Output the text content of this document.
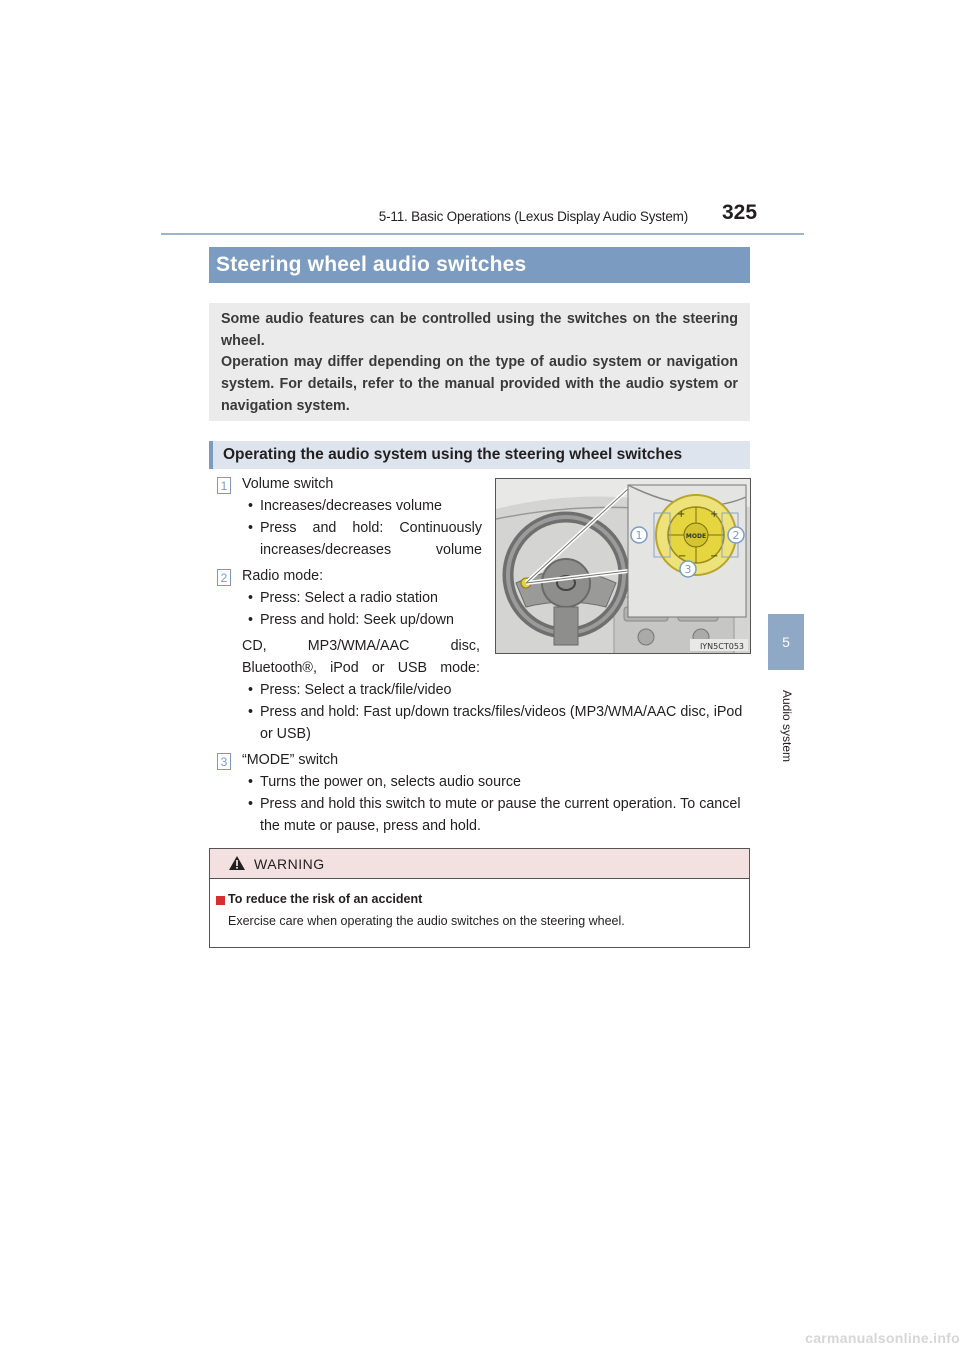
5-11. Basic Operations (Lexus Display Audio System) 325
5
Audio system
Steering wheel audio switches

Some audio features can be controlled using the switches on the steering wheel.

Operation may differ depending on the type of audio system or navigation system. For details, refer to the manual provided with the audio system or navigation system.

Operating the audio system using the steering wheel switches
1 Volume switch
• Increases/decreases volume
• Press and hold: Continuously increases/decreases volume
2 Radio mode:
• Press: Select a radio station
• Press and hold: Seek up/down
CD, MP3/WMA/AAC disc, Bluetooth®, iPod or USB mode:
• Press: Select a track/file/video
• Press and hold: Fast up/down tracks/files/videos (MP3/WMA/AAC disc, iPod or USB)
3 “MODE” switch
• Turns the power on, selects audio source
• Press and hold this switch to mute or pause the current operation. To cancel the mute or pause, press and hold.
+ +
− −
MODE
1	2
3
IYN5CT053
WARNING
To reduce the risk of an accident
Exercise care when operating the audio switches on the steering wheel.
carmanualsonline.info
